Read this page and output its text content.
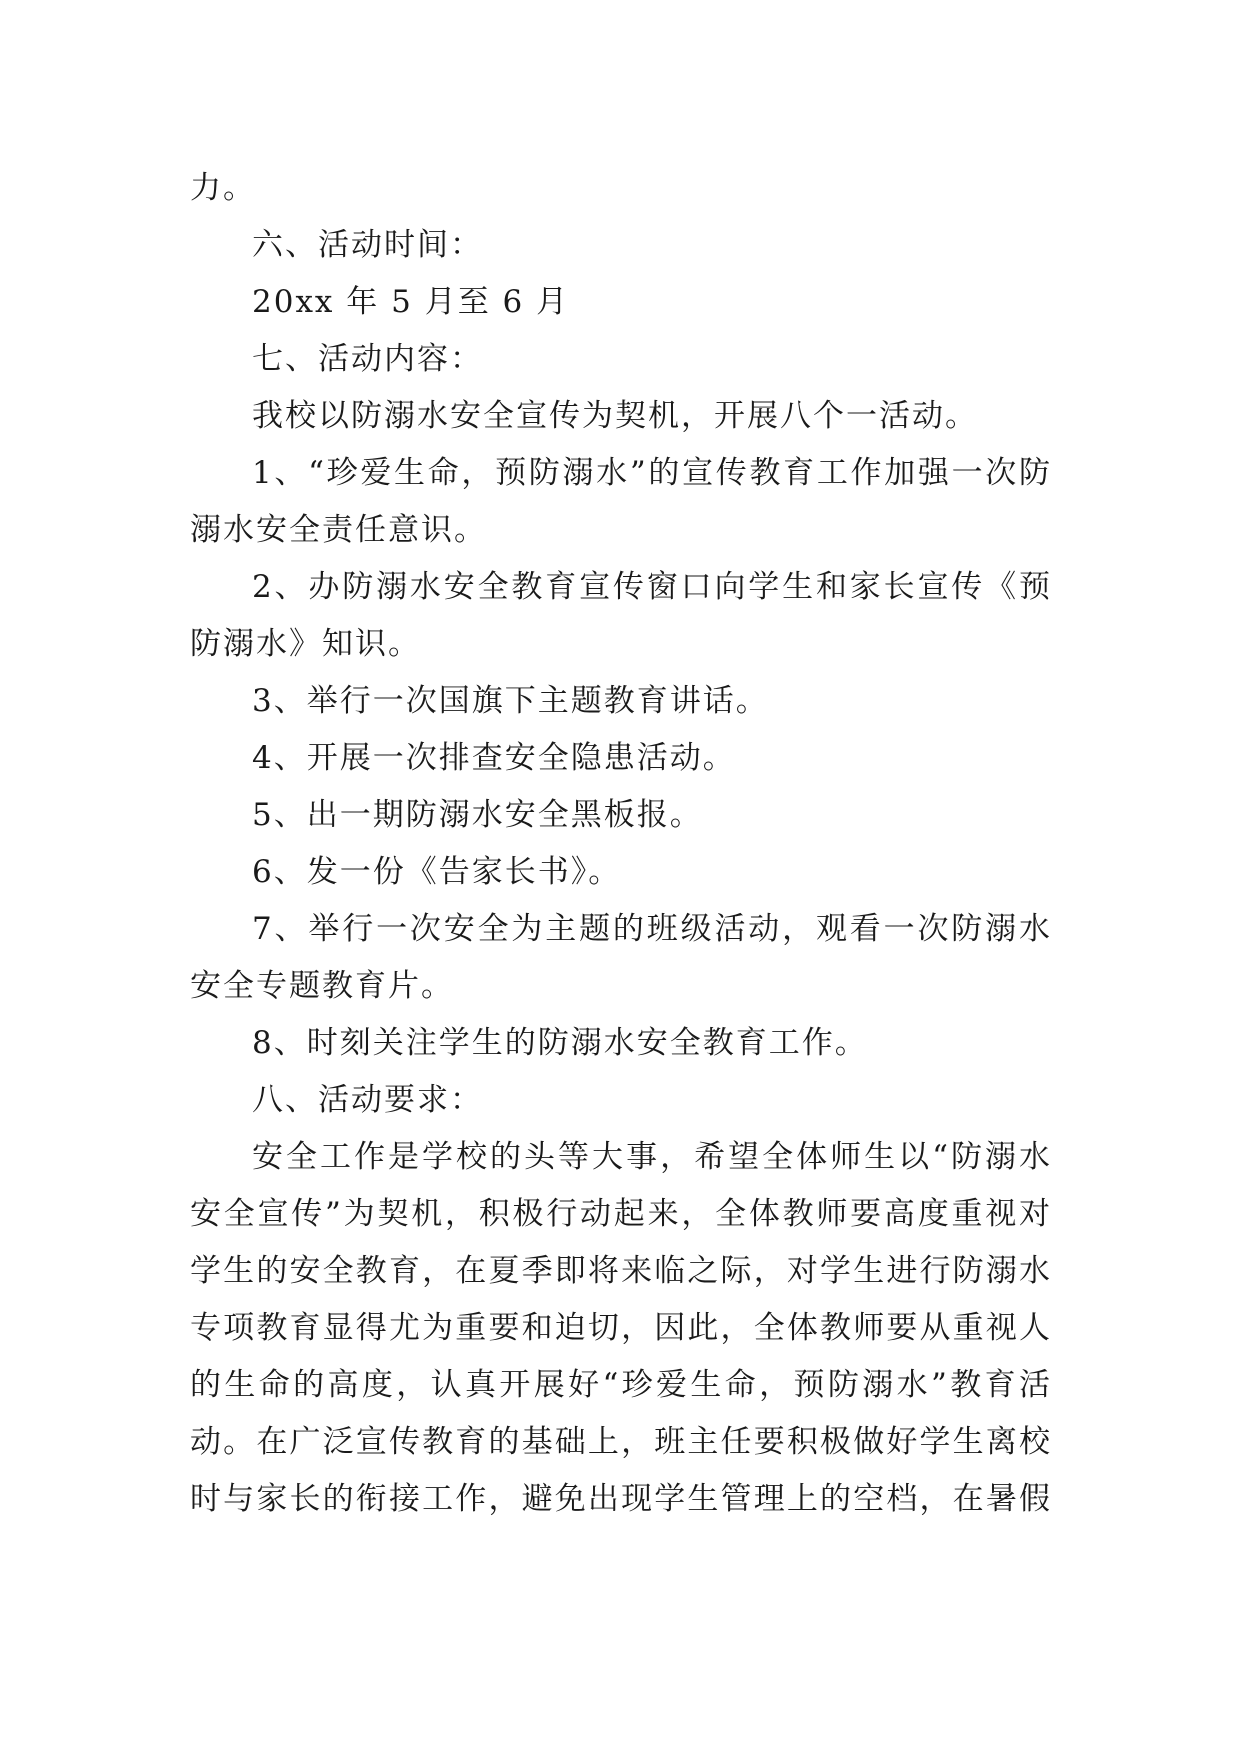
力。
六、活动时间：
20xx 年 5 月至 6 月
七、活动内容：
我校以防溺水安全宣传为契机，开展八个一活动。
1、“珍爱生命，预防溺水”的宣传教育工作加强一次防
溺水安全责任意识。
2、办防溺水安全教育宣传窗口向学生和家长宣传《预
防溺水》知识。
3、举行一次国旗下主题教育讲话。
4、开展一次排查安全隐患活动。
5、出一期防溺水安全黑板报。
6、发一份《告家长书》。
7、举行一次安全为主题的班级活动，观看一次防溺水
安全专题教育片。
8、时刻关注学生的防溺水安全教育工作。
八、活动要求：
安全工作是学校的头等大事，希望全体师生以“防溺水
安全宣传”为契机，积极行动起来，全体教师要高度重视对
学生的安全教育，在夏季即将来临之际，对学生进行防溺水
专项教育显得尤为重要和迫切，因此，全体教师要从重视人
的生命的高度，认真开展好“珍爱生命，预防溺水”教育活
动。在广泛宣传教育的基础上，班主任要积极做好学生离校
时与家长的衔接工作，避免出现学生管理上的空档，在暑假
